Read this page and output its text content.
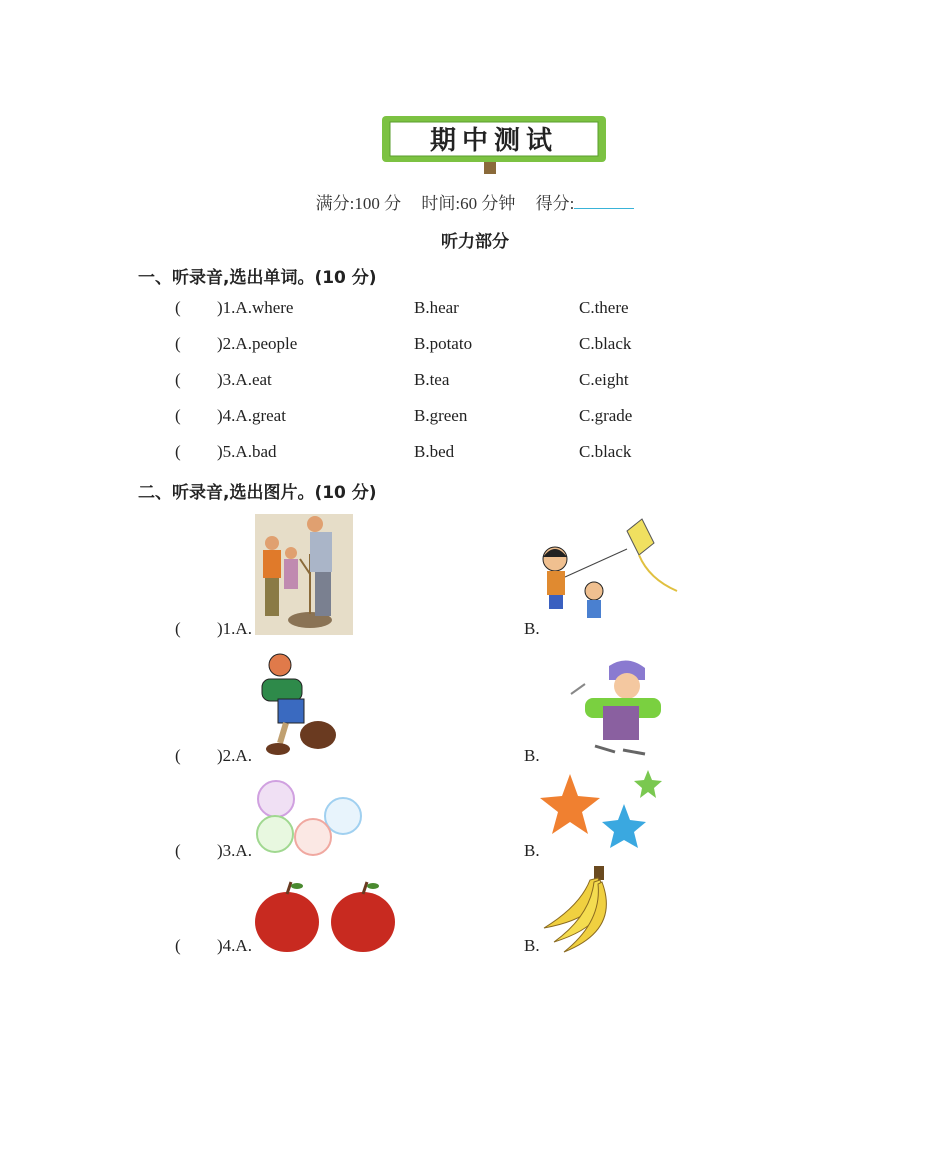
期中测试
满分:100 分 时间:60 分钟 得分:
听力部分
一、听录音,选出单词。(10 分)
( )1.A.where	B.hear	C.there
( )2.A.people	B.potato	C.black
( )3.A.eat	B.tea	C.eight
( )4.A.great	B.green	C.grade
( )5.A.bad	B.bed	C.black
二、听录音,选出图片。(10 分)
( )1.A.	B.
( )2.A.	B.
( )3.A.	B.
( )4.A.	B.
